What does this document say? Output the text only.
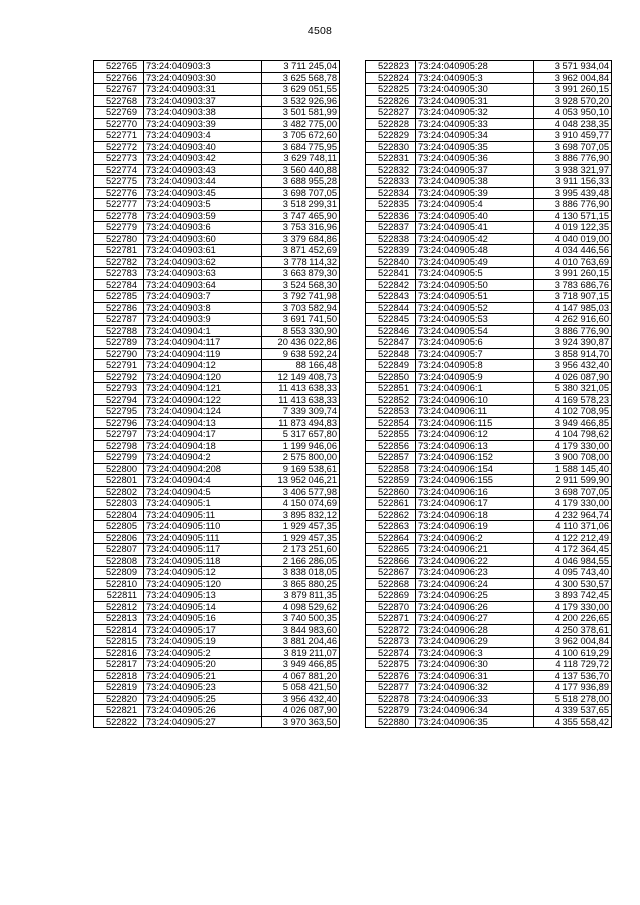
4508
522765	73:24:040903:3	3 711 245,04
522766	73:24:040903:30	3 625 568,78
522767	73:24:040903:31	3 629 051,55
522768	73:24:040903:37	3 532 926,96
522769	73:24:040903:38	3 501 581,99
522770	73:24:040903:39	3 482 775,00
522771	73:24:040903:4	3 705 672,60
522772	73:24:040903:40	3 684 775,95
522773	73:24:040903:42	3 629 748,11
522774	73:24:040903:43	3 560 440,88
522775	73:24:040903:44	3 688 955,28
522776	73:24:040903:45	3 698 707,05
522777	73:24:040903:5	3 518 299,31
522778	73:24:040903:59	3 747 465,90
522779	73:24:040903:6	3 753 316,96
522780	73:24:040903:60	3 379 684,86
522781	73:24:040903:61	3 871 452,69
522782	73:24:040903:62	3 778 114,32
522783	73:24:040903:63	3 663 879,30
522784	73:24:040903:64	3 524 568,30
522785	73:24:040903:7	3 792 741,98
522786	73:24:040903:8	3 703 582,94
522787	73:24:040903:9	3 691 741,50
522788	73:24:040904:1	8 553 330,90
522789	73:24:040904:117	20 436 022,86
522790	73:24:040904:119	9 638 592,24
522791	73:24:040904:12	88 166,48
522792	73:24:040904:120	12 149 408,73
522793	73:24:040904:121	11 413 638,33
522794	73:24:040904:122	11 413 638,33
522795	73:24:040904:124	7 339 309,74
522796	73:24:040904:13	11 873 494,83
522797	73:24:040904:17	5 317 657,80
522798	73:24:040904:18	1 199 946,06
522799	73:24:040904:2	2 575 800,00
522800	73:24:040904:208	9 169 538,61
522801	73:24:040904:4	13 952 046,21
522802	73:24:040904:5	3 406 577,98
522803	73:24:040905:1	4 150 074,69
522804	73:24:040905:11	3 895 832,12
522805	73:24:040905:110	1 929 457,35
522806	73:24:040905:111	1 929 457,35
522807	73:24:040905:117	2 173 251,60
522808	73:24:040905:118	2 166 286,05
522809	73:24:040905:12	3 838 018,05
522810	73:24:040905:120	3 865 880,25
522811	73:24:040905:13	3 879 811,35
522812	73:24:040905:14	4 098 529,62
522813	73:24:040905:16	3 740 500,35
522814	73:24:040905:17	3 844 983,60
522815	73:24:040905:19	3 881 204,46
522816	73:24:040905:2	3 819 211,07
522817	73:24:040905:20	3 949 466,85
522818	73:24:040905:21	4 067 881,20
522819	73:24:040905:23	5 058 421,50
522820	73:24:040905:25	3 956 432,40
522821	73:24:040905:26	4 026 087,90
522822	73:24:040905:27	3 970 363,50
522823	73:24:040905:28	3 571 934,04
522824	73:24:040905:3	3 962 004,84
522825	73:24:040905:30	3 991 260,15
522826	73:24:040905:31	3 928 570,20
522827	73:24:040905:32	4 053 950,10
522828	73:24:040905:33	4 048 238,35
522829	73:24:040905:34	3 910 459,77
522830	73:24:040905:35	3 698 707,05
522831	73:24:040905:36	3 886 776,90
522832	73:24:040905:37	3 938 321,97
522833	73:24:040905:38	3 911 156,33
522834	73:24:040905:39	3 995 439,48
522835	73:24:040905:4	3 886 776,90
522836	73:24:040905:40	4 130 571,15
522837	73:24:040905:41	4 019 122,35
522838	73:24:040905:42	4 040 019,00
522839	73:24:040905:48	4 034 446,56
522840	73:24:040905:49	4 010 763,69
522841	73:24:040905:5	3 991 260,15
522842	73:24:040905:50	3 783 686,76
522843	73:24:040905:51	3 718 907,15
522844	73:24:040905:52	4 147 985,03
522845	73:24:040905:53	4 262 916,60
522846	73:24:040905:54	3 886 776,90
522847	73:24:040905:6	3 924 390,87
522848	73:24:040905:7	3 858 914,70
522849	73:24:040905:8	3 956 432,40
522850	73:24:040905:9	4 026 087,90
522851	73:24:040906:1	5 380 321,05
522852	73:24:040906:10	4 169 578,23
522853	73:24:040906:11	4 102 708,95
522854	73:24:040906:115	3 949 466,85
522855	73:24:040906:12	4 104 798,62
522856	73:24:040906:13	4 179 330,00
522857	73:24:040906:152	3 900 708,00
522858	73:24:040906:154	1 588 145,40
522859	73:24:040906:155	2 911 599,90
522860	73:24:040906:16	3 698 707,05
522861	73:24:040906:17	4 179 330,00
522862	73:24:040906:18	4 232 964,74
522863	73:24:040906:19	4 110 371,06
522864	73:24:040906:2	4 122 212,49
522865	73:24:040906:21	4 172 364,45
522866	73:24:040906:22	4 046 984,55
522867	73:24:040906:23	4 095 743,40
522868	73:24:040906:24	4 300 530,57
522869	73:24:040906:25	3 893 742,45
522870	73:24:040906:26	4 179 330,00
522871	73:24:040906:27	4 200 226,65
522872	73:24:040906:28	4 250 378,61
522873	73:24:040906:29	3 962 004,84
522874	73:24:040906:3	4 100 619,29
522875	73:24:040906:30	4 118 729,72
522876	73:24:040906:31	4 137 536,70
522877	73:24:040906:32	4 177 936,89
522878	73:24:040906:33	5 518 278,00
522879	73:24:040906:34	4 339 537,65
522880	73:24:040906:35	4 355 558,42
